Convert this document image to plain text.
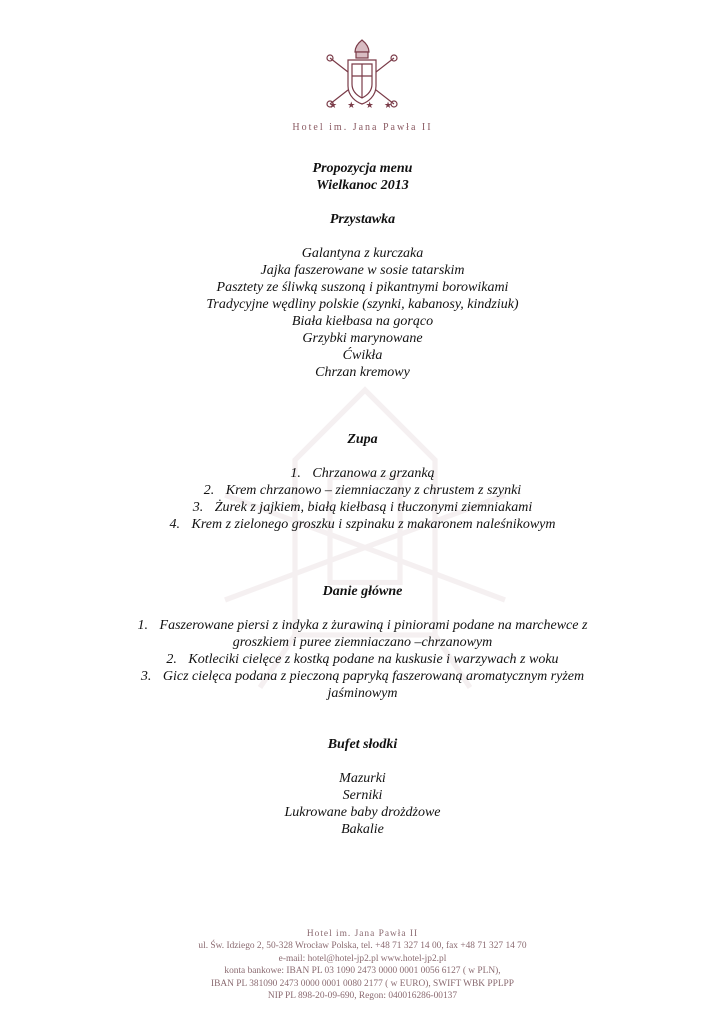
★ ★ ★ ★
Hotel im. Jana Pawła II
Propozycja menu
Wielkanoc 2013
Przystawka
Galantyna z kurczaka
Jajka faszerowane w sosie tatarskim
Pasztety ze śliwką suszoną i pikantnymi borowikami
Tradycyjne wędliny polskie (szynki, kabanosy, kindziuk)
Biała kiełbasa na gorąco
Grzybki marynowane
Ćwikła
Chrzan kremowy
Zupa
1. Chrzanowa z grzanką
2. Krem chrzanowo – ziemniaczany z chrustem z szynki
3. Żurek z jajkiem, białą kiełbasą i tłuczonymi ziemniakami
4. Krem z zielonego groszku i szpinaku z makaronem naleśnikowym
Danie główne
1. Faszerowane piersi z indyka z żurawiną i piniorami podane na marchewce z groszkiem i puree ziemniaczano –chrzanowym
2. Kotleciki cielęce z kostką podane na kuskusie i warzywach z woku
3. Gicz cielęca podana z pieczoną papryką faszerowaną aromatycznym ryżem jaśminowym
Bufet słodki
Mazurki
Serniki
Lukrowane baby drożdżowe
Bakalie
Hotel im. Jana Pawła II
ul. Św. Idziego 2, 50-328 Wrocław Polska, tel. +48 71 327 14 00, fax +48 71 327 14 70
e-mail: hotel@hotel-jp2.pl www.hotel-jp2.pl
konta bankowe: IBAN PL 03 1090 2473 0000 0001 0056 6127 ( w PLN),
IBAN PL 381090 2473 0000 0001 0080 2177 ( w EURO), SWIFT WBK PPLPP
NIP PL 898-20-09-690, Regon: 040016286-00137
